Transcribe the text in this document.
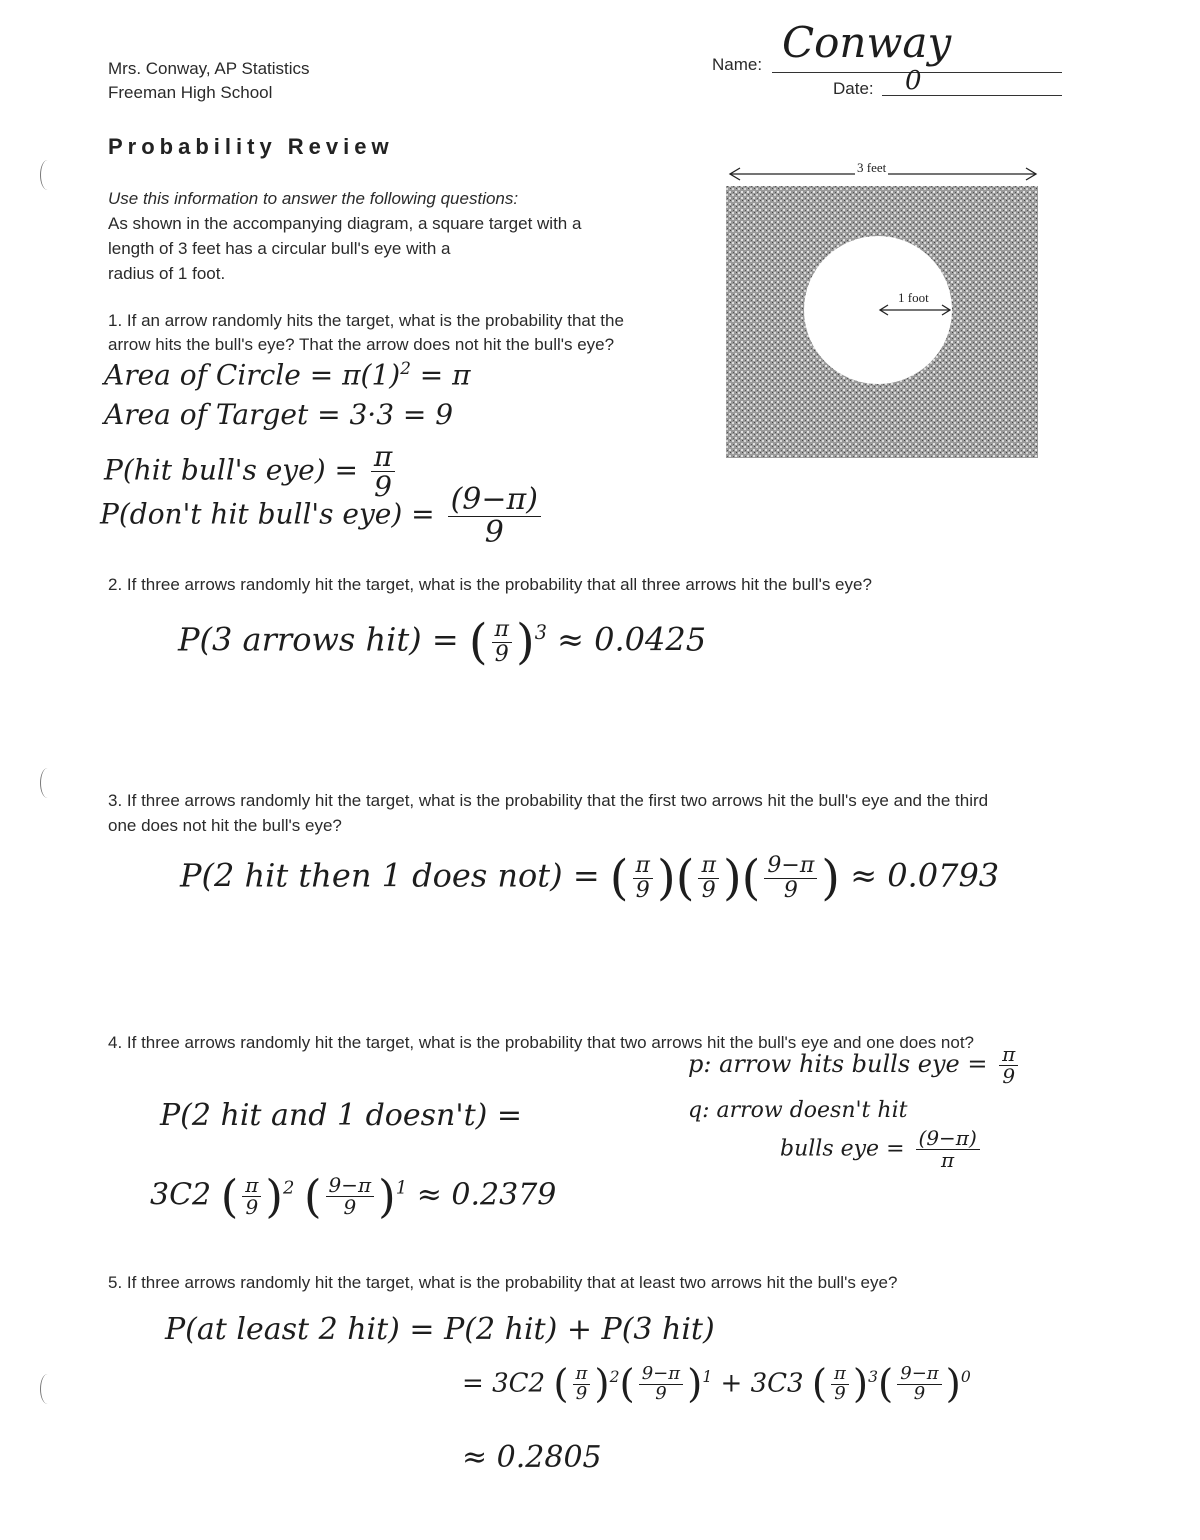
Mrs. Conway, AP Statistics
Freeman High School
Name: Conway
Date: 0
Probability Review
Use this information to answer the following questions:
As shown in the accompanying diagram, a square target with a
length of 3 feet has a circular bull's eye with a
radius of 1 foot.
3 feet
1 foot
1. If an arrow randomly hits the target, what is the probability that the
arrow hits the bull's eye? That the arrow does not hit the bull's eye?
Area of Circle = $\pi(1)^2 = \pi$
Area of Target = 3·3 = 9
P(hit bull's $eye) = \frac{\pi}{9}$
P(don't hit bull's $eye) = \frac{(9-\pi)}{9}$
2. If three arrows randomly hit the target, what is the probability that all three arrows hit the bull's eye?
P(3 arrows hit) = ( $\frac{\pi}{9} )^3 \approx 0.0425$
3. If three arrows randomly hit the target, what is the probability that the first two arrows hit the bull's eye and the third
one does not hit the bull's eye?
P(2 hit then 1 does not) = ( $\frac{\pi}{9}$ )( $\frac{\pi}{9}$ )( $\frac{9-\pi}{9}$ ) ≈ 0.0793
4. If three arrows randomly hit the target, what is the probability that two arrows hit the bull's eye and one does not?
p: arrow hits bulls eye = $\frac{\pi}{9}$
q: arrow doesn't hit
bulls eye = $\frac{(9-\pi)}{\pi}$
P(2 hit and 1 doesn't) =
3C2 ( $\frac{\pi}{9} )^2$ ( $\frac{9-\pi}{9} )^1 \approx 0.2379$
5. If three arrows randomly hit the target, what is the probability that at least two arrows hit the bull's eye?
P(at least 2 hit) = P(2 hit) + P(3 hit)
= 3C2 ( $\frac{\pi}{9} )^2( \frac{9-\pi}{9} )^1 + 3C3$ ( $\frac{\pi}{9} )^3( \frac{9-\pi}{9} )^0$
≈ 0.2805
